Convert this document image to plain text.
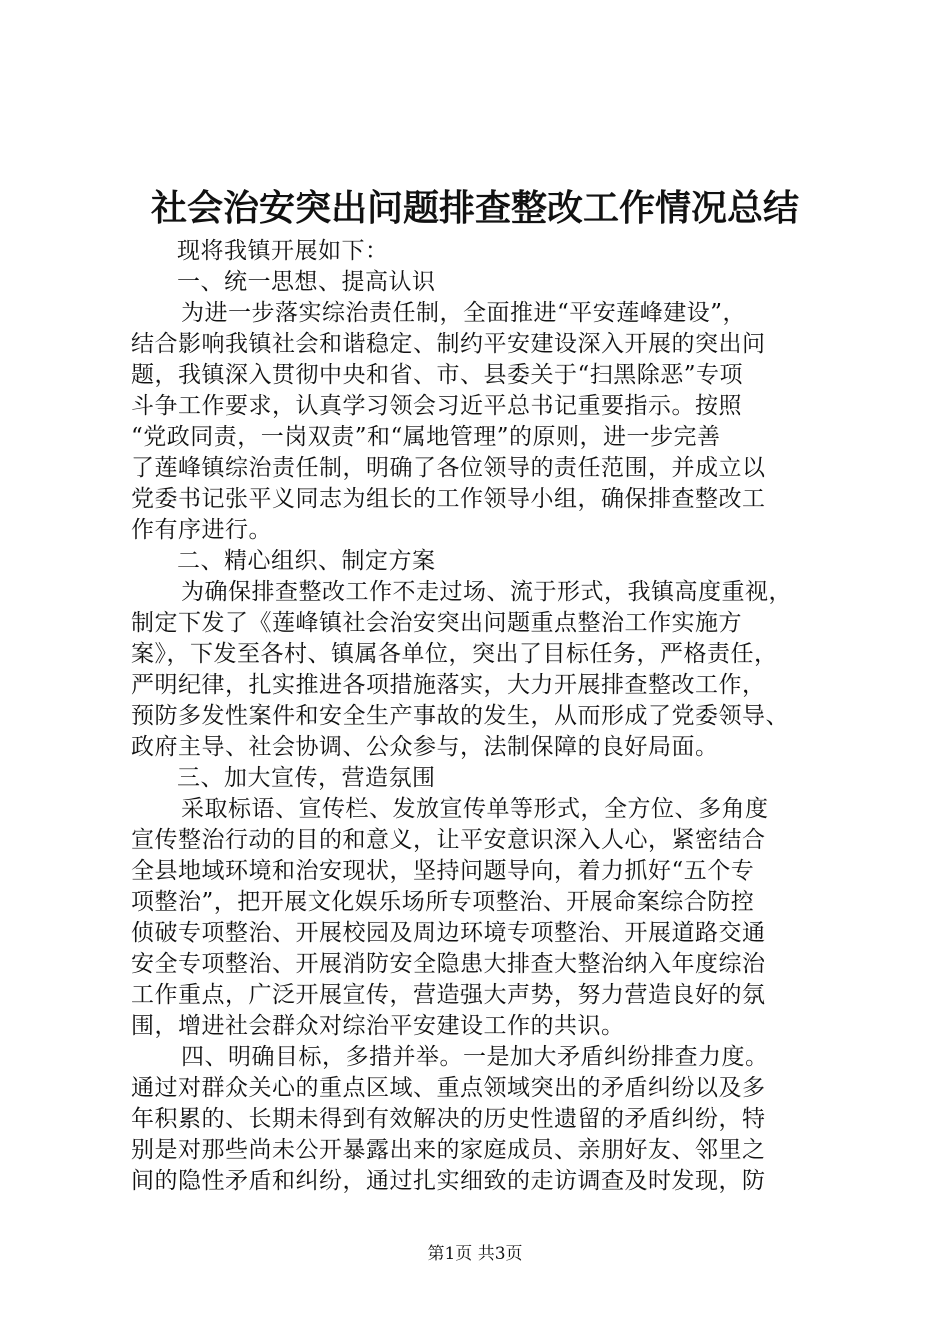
社会治安突出问题排查整改工作情况总结
现将我镇开展如下：
一、统一思想、提高认识
为进一步落实综治责任制，全面推进“平安莲峰建设”，
结合影响我镇社会和谐稳定、制约平安建设深入开展的突出问
题，我镇深入贯彻中央和省、市、县委关于“扫黑除恶”专项
斗争工作要求，认真学习领会习近平总书记重要指示。按照
“党政同责，一岗双责”和“属地管理”的原则，进一步完善
了莲峰镇综治责任制，明确了各位领导的责任范围，并成立以
党委书记张平义同志为组长的工作领导小组，确保排查整改工
作有序进行。
二、精心组织、制定方案
为确保排查整改工作不走过场、流于形式，我镇高度重视，
制定下发了《莲峰镇社会治安突出问题重点整治工作实施方
案》，下发至各村、镇属各单位，突出了目标任务，严格责任，
严明纪律，扎实推进各项措施落实，大力开展排查整改工作，
预防多发性案件和安全生产事故的发生，从而形成了党委领导、
政府主导、社会协调、公众参与，法制保障的良好局面。
三、加大宣传，营造氛围
采取标语、宣传栏、发放宣传单等形式，全方位、多角度
宣传整治行动的目的和意义，让平安意识深入人心，紧密结合
全县地域环境和治安现状，坚持问题导向，着力抓好“五个专
项整治”，把开展文化娱乐场所专项整治、开展命案综合防控
侦破专项整治、开展校园及周边环境专项整治、开展道路交通
安全专项整治、开展消防安全隐患大排查大整治纳入年度综治
工作重点，广泛开展宣传，营造强大声势，努力营造良好的氛
围，增进社会群众对综治平安建设工作的共识。
四、明确目标，多措并举。一是加大矛盾纠纷排查力度。
通过对群众关心的重点区域、重点领域突出的矛盾纠纷以及多
年积累的、长期未得到有效解决的历史性遗留的矛盾纠纷，特
别是对那些尚未公开暴露出来的家庭成员、亲朋好友、邻里之
间的隐性矛盾和纠纷，通过扎实细致的走访调查及时发现，防
第1页 共3页
